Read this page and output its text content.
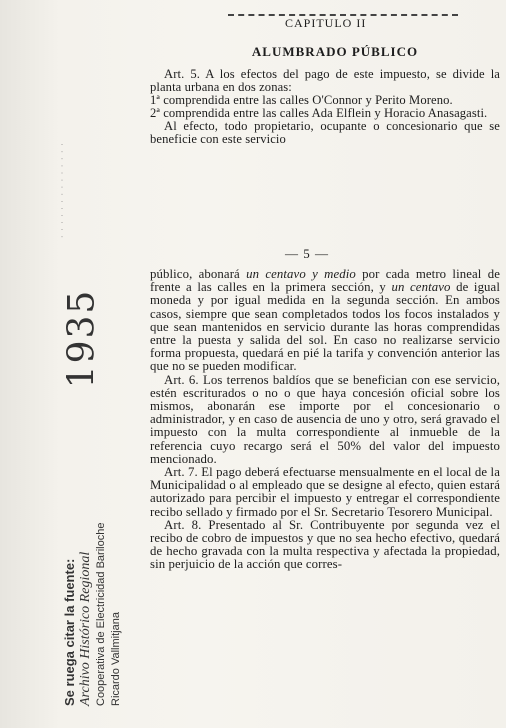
CAPITULO II
ALUMBRADO PÚBLICO

Art. 5. A los efectos del pago de este impuesto, se divide la planta urbana en dos zonas:

1ª comprendida entre las calles O'Connor y Perito Moreno.

2ª comprendida entre las calles Ada Elflein y Horacio Anasagasti.

Al efecto, todo propietario, ocupante o concesionario que se beneficie con este servicio

— 5 —

público, abonará un centavo y medio por cada metro lineal de frente a las calles en la primera sección, y un centavo de igual moneda y por igual medida en la segunda sección. En ambos casos, siempre que sean completados todos los focos instalados y que sean mantenidos en servicio durante las horas comprendidas entre la puesta y salida del sol. En caso no realizarse servicio forma propuesta, quedará en pié la tarifa y convención anterior las que no se pueden modificar.

Art. 6. Los terrenos baldíos que se benefician con ese servicio, estén escriturados o no o que haya concesión oficial sobre los mismos, abonarán ese importe por el concesionario o administrador, y en caso de ausencia de uno y otro, será gravado el impuesto con la multa correspondiente al inmueble de la referencia cuyo recargo será el 50% del valor del impuesto mencionado.

Art. 7. El pago deberá efectuarse mensualmente en el local de la Municipalidad o al empleado que se designe al efecto, quien estará autorizado para percibir el impuesto y entregar el correspondiente recibo sellado y firmado por el Sr. Secretario Tesorero Municipal.

Art. 8. Presentado al Sr. Contribuyente por segunda vez el recibo de cobro de impuestos y que no sea hecho efectivo, quedará de hecho gravada con la multa respectiva y afectada la propiedad, sin perjuicio de la acción que corres-

· · · · · · · · · · · · · ·
1935
Se ruega citar la fuente: Archivo Histórico Regional Cooperativa de Electricidad Bariloche Ricardo Vallmitjana
